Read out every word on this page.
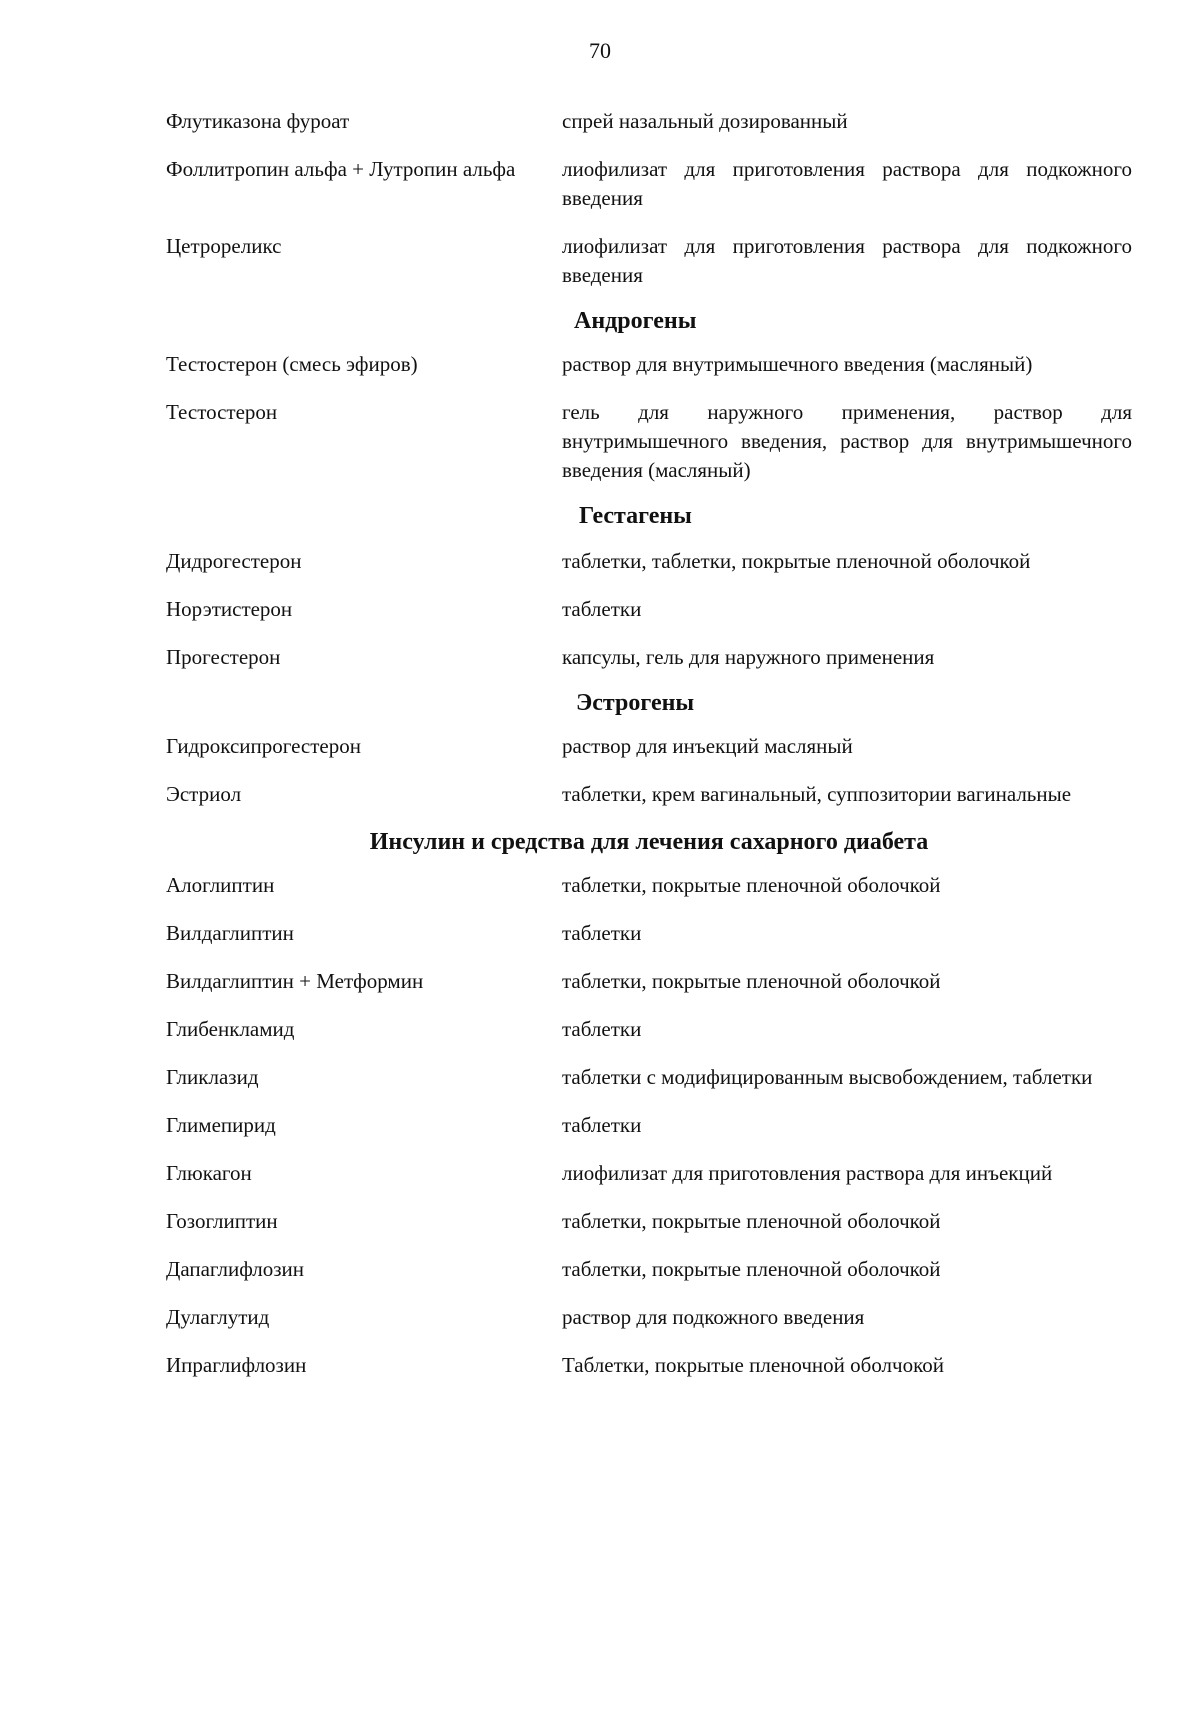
70
Флутиказона фуроат	спрей назальный дозированный
Фоллитропин альфа + Лутропин альфа	лиофилизат для приготовления раствора для подкожного введения
Цетрореликс	лиофилизат для приготовления раствора для подкожного введения
Андрогены
Тестостерон (смесь эфиров)	раствор для внутримышечного введения (масляный)
Тестостерон	гель для наружного применения, раствор для внутримышечного введения, раствор для внутримышечного введения (масляный)
Гестагены
Дидрогестерон	таблетки, таблетки, покрытые пленочной оболочкой
Норэтистерон	таблетки
Прогестерон	капсулы, гель для наружного применения
Эстрогены
Гидроксипрогестерон	раствор для инъекций масляный
Эстриол	таблетки, крем вагинальный, суппозитории вагинальные
Инсулин и средства для лечения сахарного диабета
Алоглиптин	таблетки, покрытые пленочной оболочкой
Вилдаглиптин	таблетки
Вилдаглиптин + Метформин	таблетки, покрытые пленочной оболочкой
Глибенкламид	таблетки
Гликлазид	таблетки с модифицированным высвобождением, таблетки
Глимепирид	таблетки
Глюкагон	лиофилизат для приготовления раствора для инъекций
Гозоглиптин	таблетки, покрытые пленочной оболочкой
Дапаглифлозин	таблетки, покрытые пленочной оболочкой
Дулаглутид	раствор для подкожного введения
Ипраглифлозин	Таблетки, покрытые пленочной оболчокой
